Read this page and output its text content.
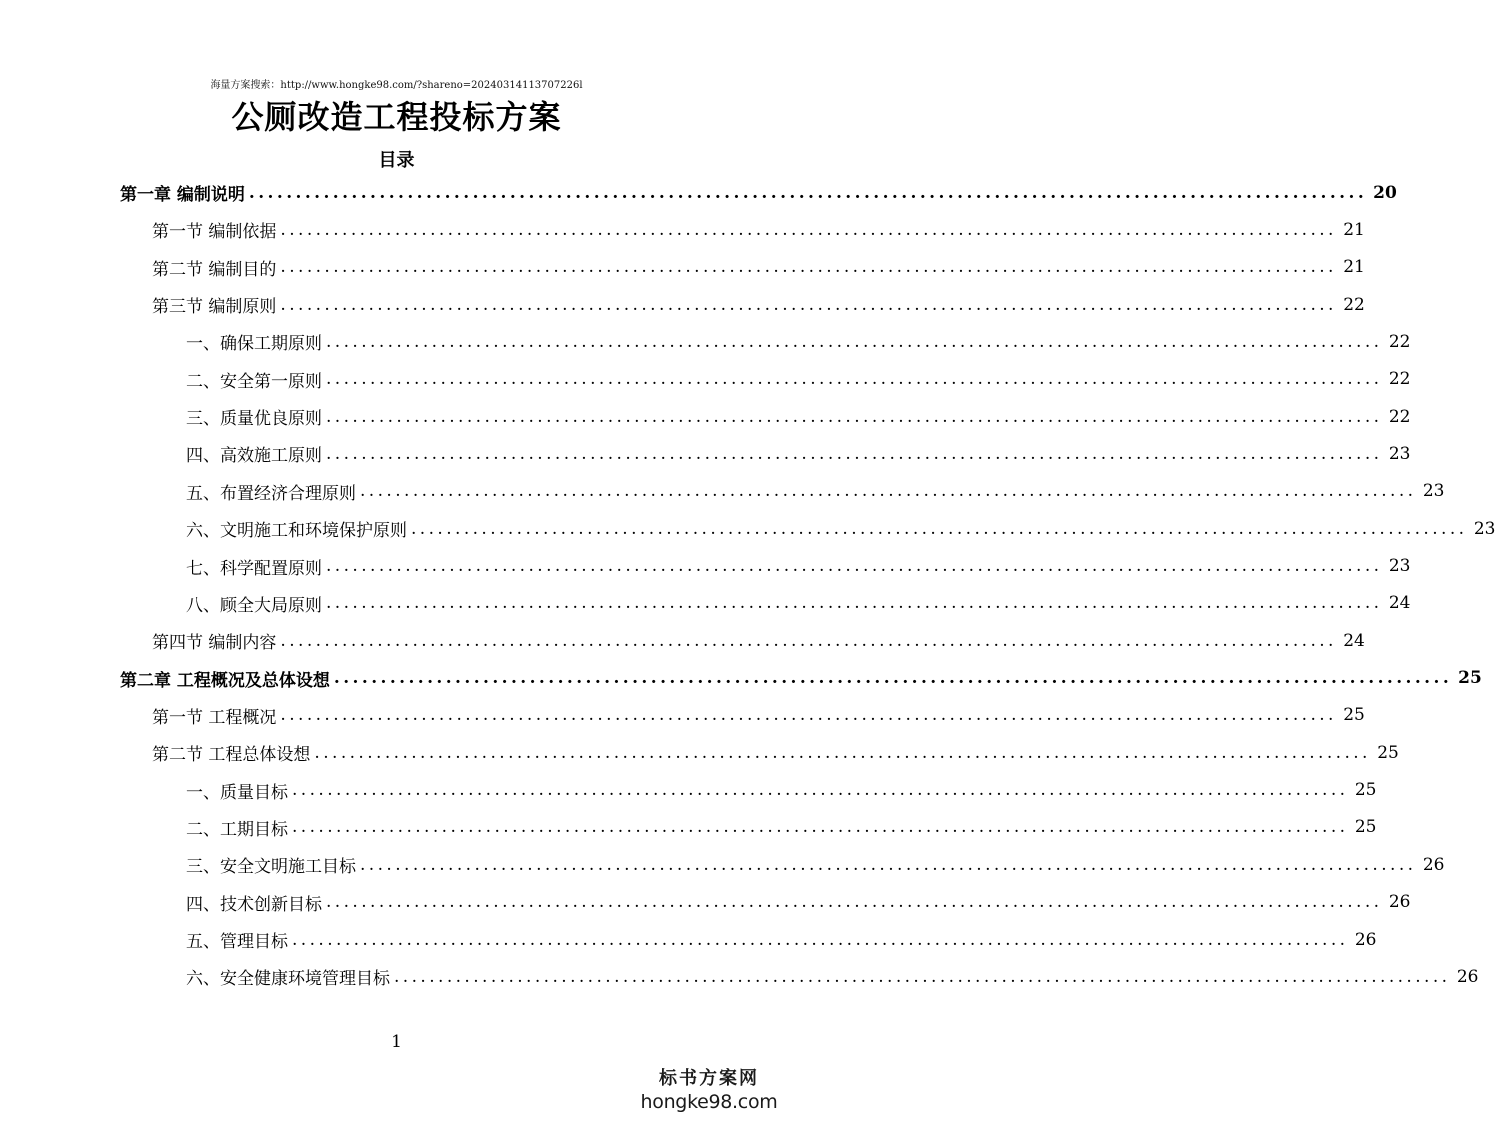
海量方案搜索：http://www.hongke98.com/?shareno=20240314113707226l
公厕改造工程投标方案
目录
第一章 编制说明 ........................................................................................................................ 20
第一节 编制依据 ........................................................................................................................ 21
第二节 编制目的 ........................................................................................................................ 21
第三节 编制原则 ........................................................................................................................ 22
一、确保工期原则 ........................................................................................................................ 22
二、安全第一原则 ........................................................................................................................ 22
三、质量优良原则 ........................................................................................................................ 22
四、高效施工原则 ........................................................................................................................ 23
五、布置经济合理原则 ........................................................................................................................ 23
六、文明施工和环境保护原则 ........................................................................................................................ 23
七、科学配置原则 ........................................................................................................................ 23
八、顾全大局原则 ........................................................................................................................ 24
第四节 编制内容 ........................................................................................................................ 24
第二章 工程概况及总体设想 ........................................................................................................................ 25
第一节 工程概况 ........................................................................................................................ 25
第二节 工程总体设想 ........................................................................................................................ 25
一、质量目标 ........................................................................................................................ 25
二、工期目标 ........................................................................................................................ 25
三、安全文明施工目标 ........................................................................................................................ 26
四、技术创新目标 ........................................................................................................................ 26
五、管理目标 ........................................................................................................................ 26
六、安全健康环境管理目标 ........................................................................................................................ 26
1
标书方案网
hongke98.com
